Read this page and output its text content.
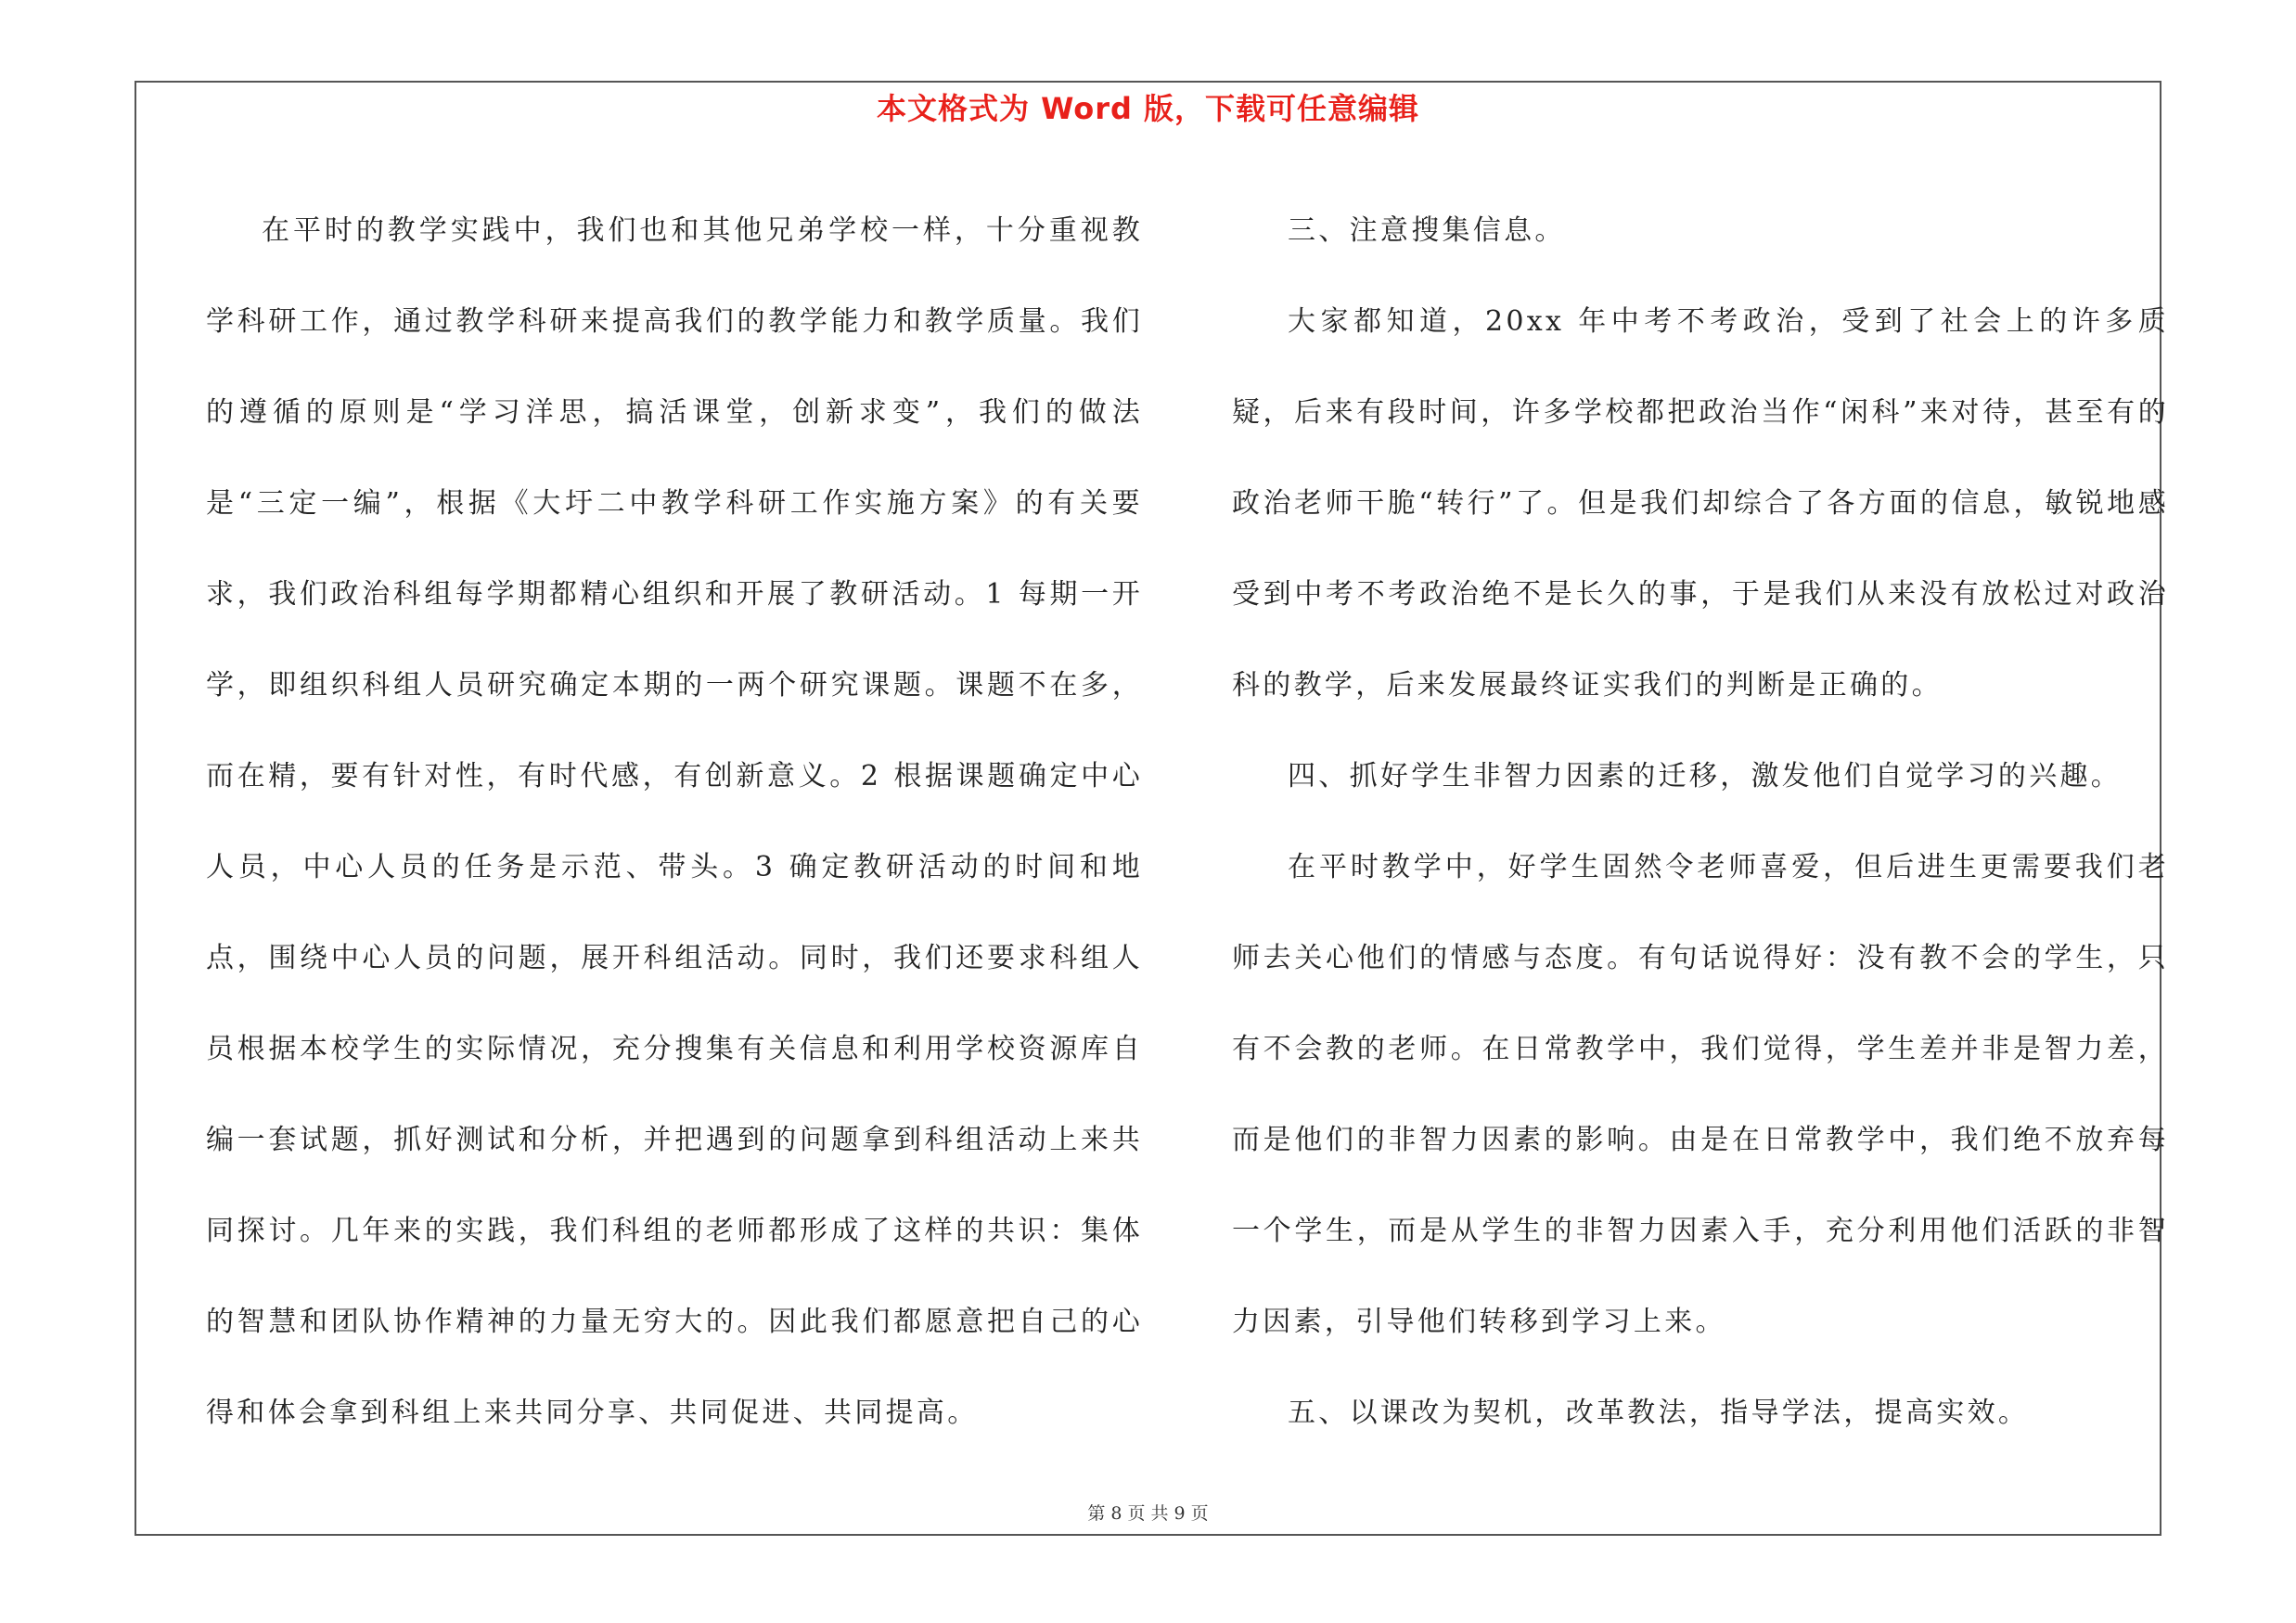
本文格式为 Word 版，下载可任意编辑

在平时的教学实践中，我们也和其他兄弟学校一样，十分重视教学科研工作，通过教学科研来提高我们的教学能力和教学质量。我们的遵循的原则是“学习洋思，搞活课堂，创新求变”，我们的做法是“三定一编”，根据《大圩二中教学科研工作实施方案》的有关要求，我们政治科组每学期都精心组织和开展了教研活动。1 每期一开学，即组织科组人员研究确定本期的一两个研究课题。课题不在多，而在精，要有针对性，有时代感，有创新意义。2 根据课题确定中心人员，中心人员的任务是示范、带头。3 确定教研活动的时间和地点，围绕中心人员的问题，展开科组活动。同时，我们还要求科组人员根据本校学生的实际情况，充分搜集有关信息和利用学校资源库自编一套试题，抓好测试和分析，并把遇到的问题拿到科组活动上来共同探讨。几年来的实践，我们科组的老师都形成了这样的共识：集体的智慧和团队协作精神的力量无穷大的。因此我们都愿意把自己的心得和体会拿到科组上来共同分享、共同促进、共同提高。

三、注意搜集信息。

大家都知道，20xx 年中考不考政治，受到了社会上的许多质疑，后来有段时间，许多学校都把政治当作“闲科”来对待，甚至有的政治老师干脆“转行”了。但是我们却综合了各方面的信息，敏锐地感受到中考不考政治绝不是长久的事，于是我们从来没有放松过对政治科的教学，后来发展最终证实我们的判断是正确的。

四、抓好学生非智力因素的迁移，激发他们自觉学习的兴趣。

在平时教学中，好学生固然令老师喜爱，但后进生更需要我们老师去关心他们的情感与态度。有句话说得好：没有教不会的学生，只有不会教的老师。在日常教学中，我们觉得，学生差并非是智力差，而是他们的非智力因素的影响。由是在日常教学中，我们绝不放弃每一个学生，而是从学生的非智力因素入手，充分利用他们活跃的非智力因素，引导他们转移到学习上来。

五、以课改为契机，改革教法，指导学法，提高实效。

第 8 页 共 9 页
